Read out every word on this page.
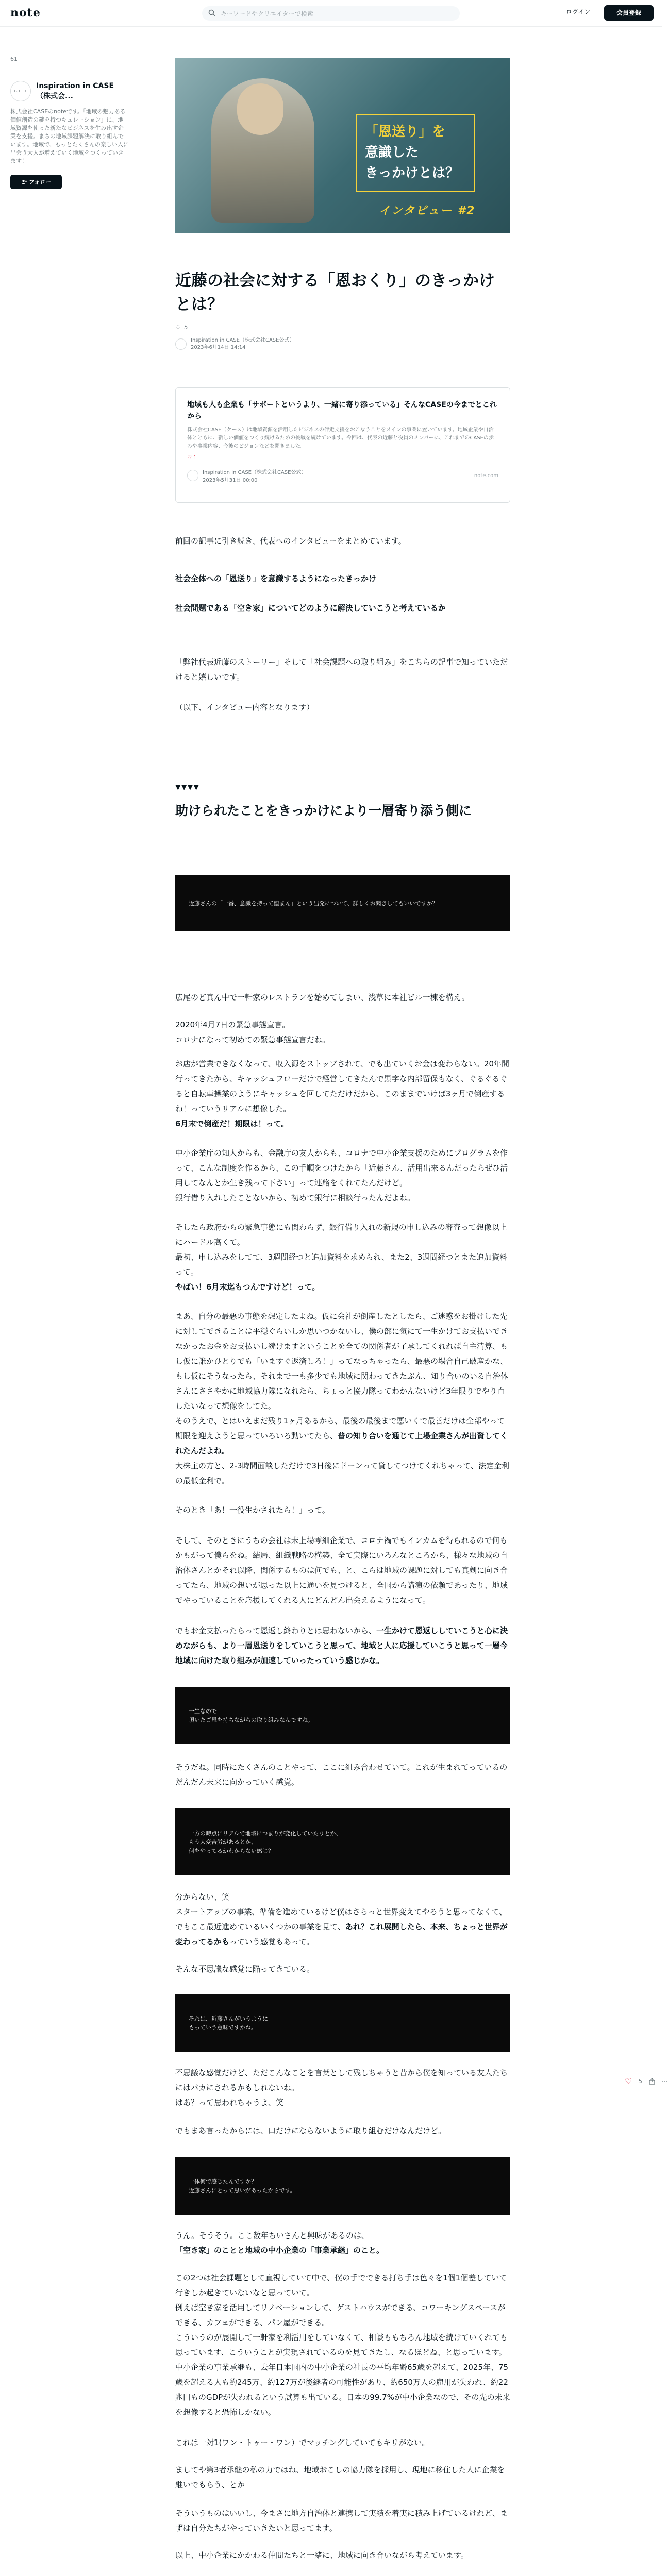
note	キーワードやクリエイターで検索	ログイン	会員登録
61
I・C・C
Inspiration in CASE（株式会...
株式会社CASEのnoteです。「地域の魅力ある価値創造の鍵を持つキュレーション」に、地域資源を使った新たなビジネスを生み出す企業を支援。まちの地域課題解決に取り組んでいます。地域で、もっとたくさんの楽しい人に出会う大人が増えていく地域をつくっていきます！
フォロー
「恩送り」を
意識した
きっかけとは？
インタビュー #2
近藤の社会に対する「恩おくり」のきっかけとは？
♡ 5
Inspiration in CASE（株式会社CASE公式）
2023年6月14日 14:14
地域も人も企業も「サポートというより、一緒に寄り添っている」そんなCASEの今までとこれから
株式会社CASE（ケース）は地域資源を活用したビジネスの伴走支援をおこなうことをメインの事業に置いています。地域企業や自治体とともに、新しい価値をつくり続けるための挑戦を続けています。今回は、代表の近藤と役員のメンバーに、これまでのCASEの歩みや事業内容、今後のビジョンなどを聞きました。
♡ 1
Inspiration in CASE（株式会社CASE公式）
2023年5月31日 00:00
note.com

前回の記事に引き続き、代表へのインタビューをまとめています。

社会全体への「恩送り」を意識するようになったきっかけ

社会問題である「空き家」についてどのように解決していこうと考えているか

「弊社代表近藤のストーリー」そして「社会課題への取り組み」をこちらの記事で知っていただけると嬉しいです。

（以下、インタビュー内容となります）

▼▼▼▼
助けられたことをきっかけにより一層寄り添う側に
近藤さんの「一番、意識を持って臨まん」という出発について、詳しくお聞きしてもいいですか？

広尾のど真ん中で一軒家のレストランを始めてしまい、浅草に本社ビル一棟を構え。

2020年4月7日の緊急事態宣言。

コロナになって初めての緊急事態宣言だね。

お店が営業できなくなって、収入源をストップされて、でも出ていくお金は変わらない。20年間行ってきたから、キャッシュフローだけで経営してきたんで黒字な内部留保もなく、ぐるぐるぐると自転車操業のようにキャッシュを回してただけだから、このままでいけば3ヶ月で倒産するね！っていうリアルに想像した。

6月末で倒産だ！期限は！って。

中小企業庁の知人からも、金融庁の友人からも、コロナで中小企業支援のためにプログラムを作って、こんな制度を作るから、この手順をつけたから「近藤さん、活用出来るんだったらぜひ活用してなんとか生き残って下さい」って連絡をくれてたんだけど。

銀行借り入れしたことないから、初めて銀行に相談行ったんだよね。

そしたら政府からの緊急事態にも関わらず、銀行借り入れの新規の申し込みの審査って想像以上にハードル高くて。

最初、申し込みをしてて、3週間経つと追加資料を求められ、また2、3週間経つとまた追加資料って。

やばい！6月末迄もつんですけど！って。

まあ、自分の最悪の事態を想定したよね。仮に会社が倒産したとしたら、ご迷惑をお掛けした先に対してできることは平穏ぐらいしか思いつかないし、僕の部に気にて一生かけてお支払いできなかったお金をお支払いし続けますということを全ての関係者が了承してくれれば自主清算、もし仮に誰かひとりでも「いますぐ返済しろ！」ってなっちゃったら、最悪の場合自己破産かな、もし仮にそうなったら、それまで一も多少でも地域に関わってきたぶん、知り合いのいる自治体さんにささやかに地域協力隊になれたら、ちょっと協力隊ってわかんないけど3年限りでやり直したいなって想像をしてた。

そのうえで、とはいえまだ残り1ヶ月あるから、最後の最後まで悪いくで最善だけは全部やって期限を迎えようと思っていろいろ動いてたら、普の知り合いを通じて上場企業さんが出資してくれたんだよね。

大株主の方と、2-3時間面談しただけで3日後にドーンって貸してつけてくれちゃって、法定金利の最低金利で。

そのとき「あ！一役生かされたら！」って。

そして、そのときにうちの会社は未上場零細企業で、コロナ禍でもインカムを得られるので何もかもがって僕らをね。結局、組織戦略の構築、全て実際にいろんなところから、様々な地域の自治体さんとかそれ以降、関係するものは何でも、と、こらは地域の課題に対しても真剣に向き合ってたら、地域の想いが思った以上に通いを見つけると、全国から講演の依頼であったり、地域でやっていることを応援してくれる人にどんどん出会えるようになって。

でもお金支払ったらって恩返し終わりとは思わないから、一生かけて恩返ししていこうと心に決めながらも、より一層恩送りをしていこうと思って、地域と人に応援していこうと思って一層今地域に向けた取り組みが加速していったっていう感じかな。

一生なので
頂いたご恩を持ちながらの取り組みなんですね。

そうだね。同時にたくさんのことやって、ここに組み合わせていて。これが生まれてっているのだんだん未来に向かっていく感覚。

一方の時点にリアルで地域につまりが変化していたりとか、
もう大変苦労があるとか、
何をやってるかわからない感じ？

分からない、笑

スタートアップの事業、準備を進めているけど僕はさらっと世界変えてやろうと思ってなくて、でもここ最近進めているいくつかの事業を見て、あれ？これ展開したら、本来、ちょっと世界が変わってるかもっていう感覚もあって。

そんな不思議な感覚に陥ってきている。

それは、近藤さんがいうように
もっていう意味ですかね。

不思議な感覚だけど、ただこんなことを言葉として残しちゃうと昔から僕を知っている友人たちにはバカにされるかもしれないね。

はあ？って思われちゃうよ、笑

でもまあ言ったからには、口だけにならないように取り組むだけなんだけど。

一体何で感じたんですか？
近藤さんにとって思いがあったからです。

うん。そうそう。ここ数年ちいさんと興味があるのは、

「空き家」のことと地域の中小企業の「事業承継」のこと。

この2つは社会課題として直視していて中で、僕の手でできる打ち手は色々を1個1個差していて行きしか起きていないなと思っていて。

例えば空き家を活用してリノベーションして、ゲストハウスができる、コワーキングスペースができる、カフェができる、パン屋ができる。

こういうのが展開して一軒家を利活用をしていなくて、相談ももちろん地域を続けていくれても思っています、こういうことが実現されているのを見てきたし、なるほどね、と思っています。

中小企業の事業承継も、去年日本国内の中小企業の社長の平均年齢65歳を超えて、2025年、75歳を超える人も約245万、約127万が後継者の可能性があり、約650万人の雇用が失われ、約22兆円ものGDPが失われるという試算も出ている。日本の99.7%が中小企業なので、その先の未来を想像すると恐怖しかない。

これは一対1(ワン・トゥー・ワン）でマッチングしていてもキリがない。

ましてや第3者承継の私の力ではね、地域おこしの協力隊を採用し、現地に移住した人に企業を継いでもらう、とか

そういうものはいいし、今まさに地方自治体と連携して実績を着実に積み上げているけれど、まずは自分たちがやっていきたいと思ってます。

以上、中小企業にかかわる仲間たちと一緒に、地域に向き合いながら考えています。

♡ 5	⋯
